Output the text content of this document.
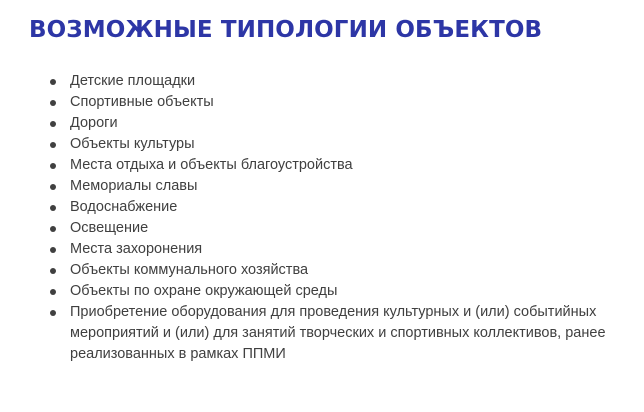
ВОЗМОЖНЫЕ ТИПОЛОГИИ ОБЪЕКТОВ
Детские площадки
Спортивные объекты
Дороги
Объекты культуры
Места отдыха и объекты благоустройства
Мемориалы славы
Водоснабжение
Освещение
Места захоронения
Объекты коммунального хозяйства
Объекты по охране окружающей среды
Приобретение оборудования для проведения культурных и (или) событийных мероприятий и (или) для занятий творческих и спортивных коллективов, ранее реализованных в рамках ППМИ
